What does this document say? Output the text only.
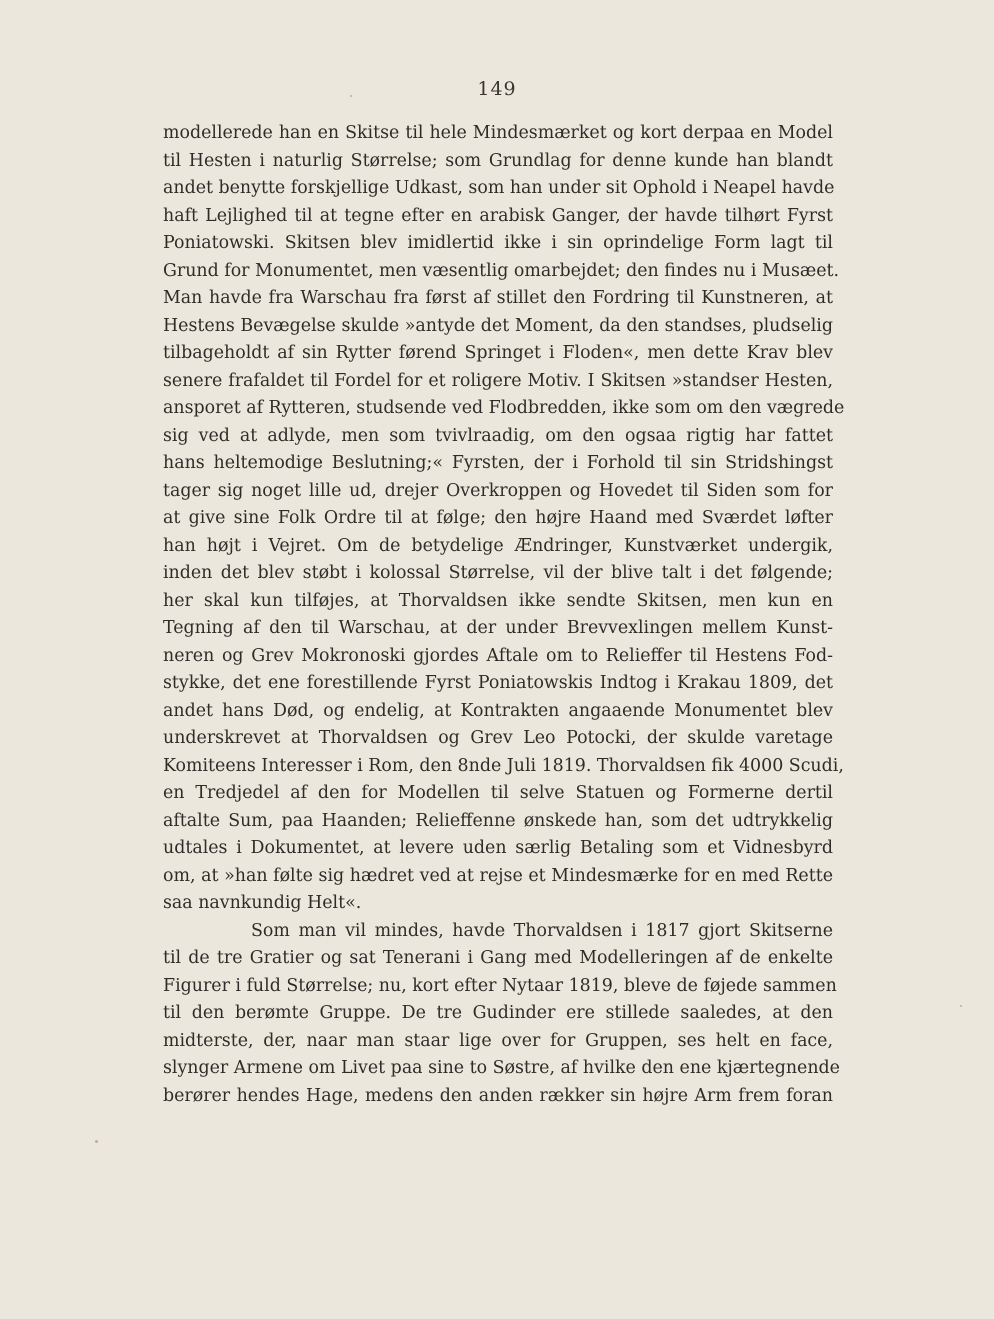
149
modellerede han en Skitse til hele Mindesmærket og kort derpaa en Model
til Hesten i naturlig Størrelse; som Grundlag for denne kunde han blandt
andet benytte forskjellige Udkast, som han under sit Ophold i Neapel havde
haft Lejlighed til at tegne efter en arabisk Ganger, der havde tilhørt Fyrst
Poniatowski. Skitsen blev imidlertid ikke i sin oprindelige Form lagt til
Grund for Monumentet, men væsentlig omarbejdet; den findes nu i Musæet.
Man havde fra Warschau fra først af stillet den Fordring til Kunstneren, at
Hestens Bevægelse skulde »antyde det Moment, da den standses, pludselig
tilbageholdt af sin Rytter førend Springet i Floden«, men dette Krav blev
senere frafaldet til Fordel for et roligere Motiv. I Skitsen »standser Hesten,
ansporet af Rytteren, studsende ved Flodbredden, ikke som om den vægrede
sig ved at adlyde, men som tvivlraadig, om den ogsaa rigtig har fattet
hans heltemodige Beslutning;« Fyrsten, der i Forhold til sin Stridshingst
tager sig noget lille ud, drejer Overkroppen og Hovedet til Siden som for
at give sine Folk Ordre til at følge; den højre Haand med Sværdet løfter
han højt i Vejret. Om de betydelige Ændringer, Kunstværket undergik,
inden det blev støbt i kolossal Størrelse, vil der blive talt i det følgende;
her skal kun tilføjes, at Thorvaldsen ikke sendte Skitsen, men kun en
Tegning af den til Warschau, at der under Brevvexlingen mellem Kunst-
neren og Grev Mokronoski gjordes Aftale om to Relieffer til Hestens Fod-
stykke, det ene forestillende Fyrst Poniatowskis Indtog i Krakau 1809, det
andet hans Død, og endelig, at Kontrakten angaaende Monumentet blev
underskrevet at Thorvaldsen og Grev Leo Potocki, der skulde varetage
Komiteens Interesser i Rom, den 8nde Juli 1819. Thorvaldsen fik 4000 Scudi,
en Tredjedel af den for Modellen til selve Statuen og Formerne dertil
aftalte Sum, paa Haanden; Relieffenne ønskede han, som det udtrykkelig
udtales i Dokumentet, at levere uden særlig Betaling som et Vidnesbyrd
om, at »han følte sig hædret ved at rejse et Mindesmærke for en med Rette
saa navnkundig Helt«.
Som man vil mindes, havde Thorvaldsen i 1817 gjort Skitserne
til de tre Gratier og sat Tenerani i Gang med Modelleringen af de enkelte
Figurer i fuld Størrelse; nu, kort efter Nytaar 1819, bleve de føjede sammen
til den berømte Gruppe. De tre Gudinder ere stillede saaledes, at den
midterste, der, naar man staar lige over for Gruppen, ses helt en face,
slynger Armene om Livet paa sine to Søstre, af hvilke den ene kjærtegnende
berører hendes Hage, medens den anden rækker sin højre Arm frem foran
